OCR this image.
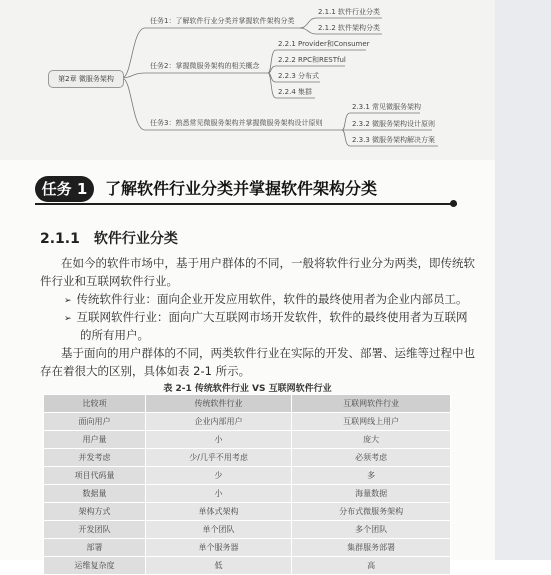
第2章 微服务架构
任务1：了解软件行业分类并掌握软件架构分类
2.1.1 软件行业分类
2.1.2 软件架构分类
任务2：掌握微服务架构的相关概念
2.2.1 Provider和Consumer
2.2.2 RPC和RESTful
2.2.3 分布式
2.2.4 集群
任务3：熟悉常见微服务架构并掌握微服务架构设计原则
2.3.1 常见微服务架构
2.3.2 微服务架构设计原则
2.3.3 微服务架构解决方案
任务 1	了解软件行业分类并掌握软件架构分类
2.1.1 软件行业分类
在如今的软件市场中，基于用户群体的不同，一般将软件行业分为两类，即传统软
件行业和互联网软件行业。
➢ 传统软件行业：面向企业开发应用软件，软件的最终使用者为企业内部员工。
➢ 互联网软件行业：面向广大互联网市场开发软件，软件的最终使用者为互联网
的所有用户。
基于面向的用户群体的不同，两类软件行业在实际的开发、部署、运维等过程中也
存在着很大的区别，具体如表 2-1 所示。
表 2-1 传统软件行业 VS 互联网软件行业
比较项	传统软件行业	互联网软件行业
面向用户	企业内部用户	互联网线上用户
用户量	小	庞大
并发考虑	少/几乎不用考虑	必须考虑
项目代码量	少	多
数据量	小	海量数据
架构方式	单体式架构	分布式微服务架构
开发团队	单个团队	多个团队
部署	单个服务器	集群服务部署
运维复杂度	低	高
